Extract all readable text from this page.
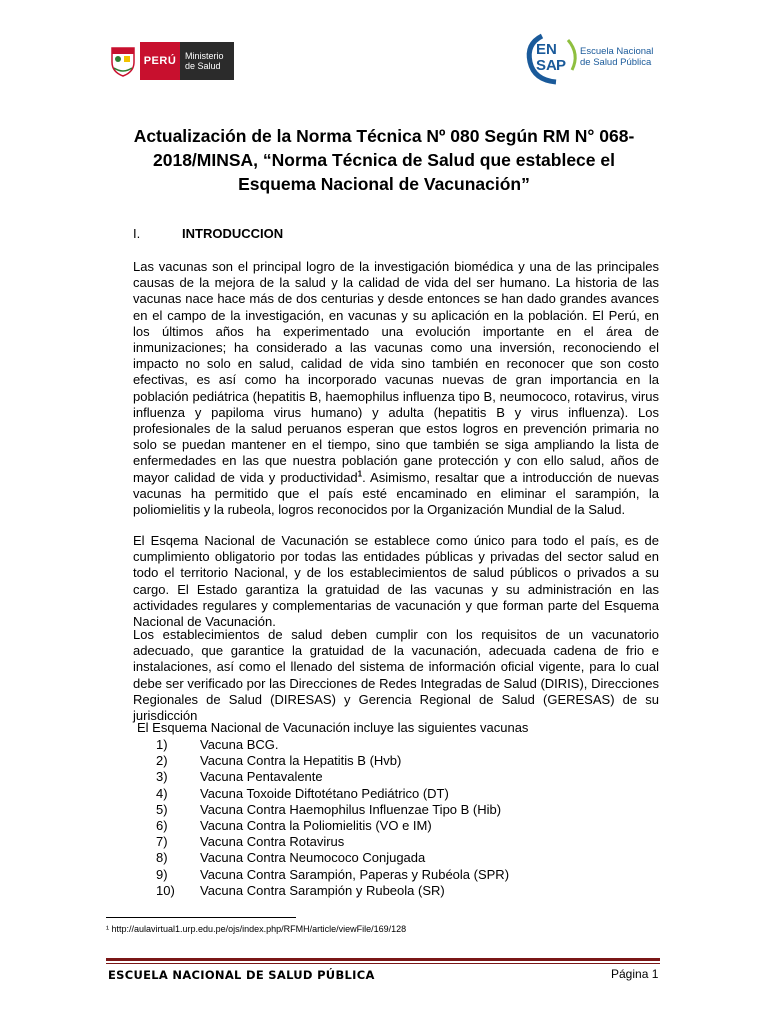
PERÚ Ministerio
de Salud
E N
S A P
Escuela Nacional
de Salud Pública
Actualización de la Norma Técnica Nº 080 Según RM N° 068-2018/MINSA, “Norma Técnica de Salud que establece el Esquema Nacional de Vacunación”
I.	INTRODUCCION
Las vacunas son el principal logro de la investigación biomédica y una de las principales causas de la mejora de la salud y la calidad de vida del ser humano. La historia de las vacunas nace hace más de dos centurias y desde entonces se han dado grandes avances en el campo de la investigación, en vacunas y su aplicación en la población. El Perú, en los últimos años ha experimentado una evolución importante en el área de inmunizaciones; ha considerado a las vacunas como una inversión, reconociendo el impacto no solo en salud, calidad de vida sino también en reconocer que son costo efectivas, es así como ha incorporado vacunas nuevas de gran importancia en la población pediátrica (hepatitis B, haemophilus influenza tipo B, neumococo, rotavirus, virus influenza y papiloma virus humano) y adulta (hepatitis B y virus influenza). Los profesionales de la salud peruanos esperan que estos logros en prevención primaria no solo se puedan mantener en el tiempo, sino que también se siga ampliando la lista de enfermedades en las que nuestra población gane protección y con ello salud, años de mayor calidad de vida y productividad$^1$. Asimismo, resaltar que a introducción de nuevas vacunas ha permitido que el país esté encaminado en eliminar el sarampión, la poliomielitis y la rubeola, logros reconocidos por la Organización Mundial de la Salud.
El Esqema Nacional de Vacunación se establece como único para todo el país, es de cumplimiento obligatorio por todas las entidades públicas y privadas del sector salud en todo el territorio Nacional, y de los establecimientos de salud públicos o privados a su cargo. El Estado garantiza la gratuidad de las vacunas y su administración en las actividades regulares y complementarias de vacunación y que forman parte del Esquema Nacional de Vacunación.
Los establecimientos de salud deben cumplir con los requisitos de un vacunatorio adecuado, que garantice la gratuidad de la vacunación, adecuada cadena de frio e instalaciones, así como el llenado del sistema de información oficial vigente, para lo cual debe ser verificado por las Direcciones de Redes Integradas de Salud (DIRIS), Direcciones Regionales de Salud (DIRESAS) y Gerencia Regional de Salud (GERESAS) de su jurisdicción
El Esquema Nacional de Vacunación incluye las siguientes vacunas
1)	Vacuna BCG.
2)	Vacuna Contra la Hepatitis B (Hvb)
3)	Vacuna Pentavalente
4)	Vacuna Toxoide Diftotétano Pediátrico (DT)
5)	Vacuna Contra Haemophilus Influenzae Tipo B (Hib)
6)	Vacuna Contra la Poliomielitis (VO e IM)
7)	Vacuna Contra Rotavirus
8)	Vacuna Contra Neumococo Conjugada
9)	Vacuna Contra Sarampión, Paperas y Rubéola (SPR)
10)	Vacuna Contra Sarampión y Rubeola (SR)
¹ http://aulavirtual1.urp.edu.pe/ojs/index.php/RFMH/article/viewFile/169/128
ESCUELA NACIONAL DE SALUD PÚBLICA	Página 1
